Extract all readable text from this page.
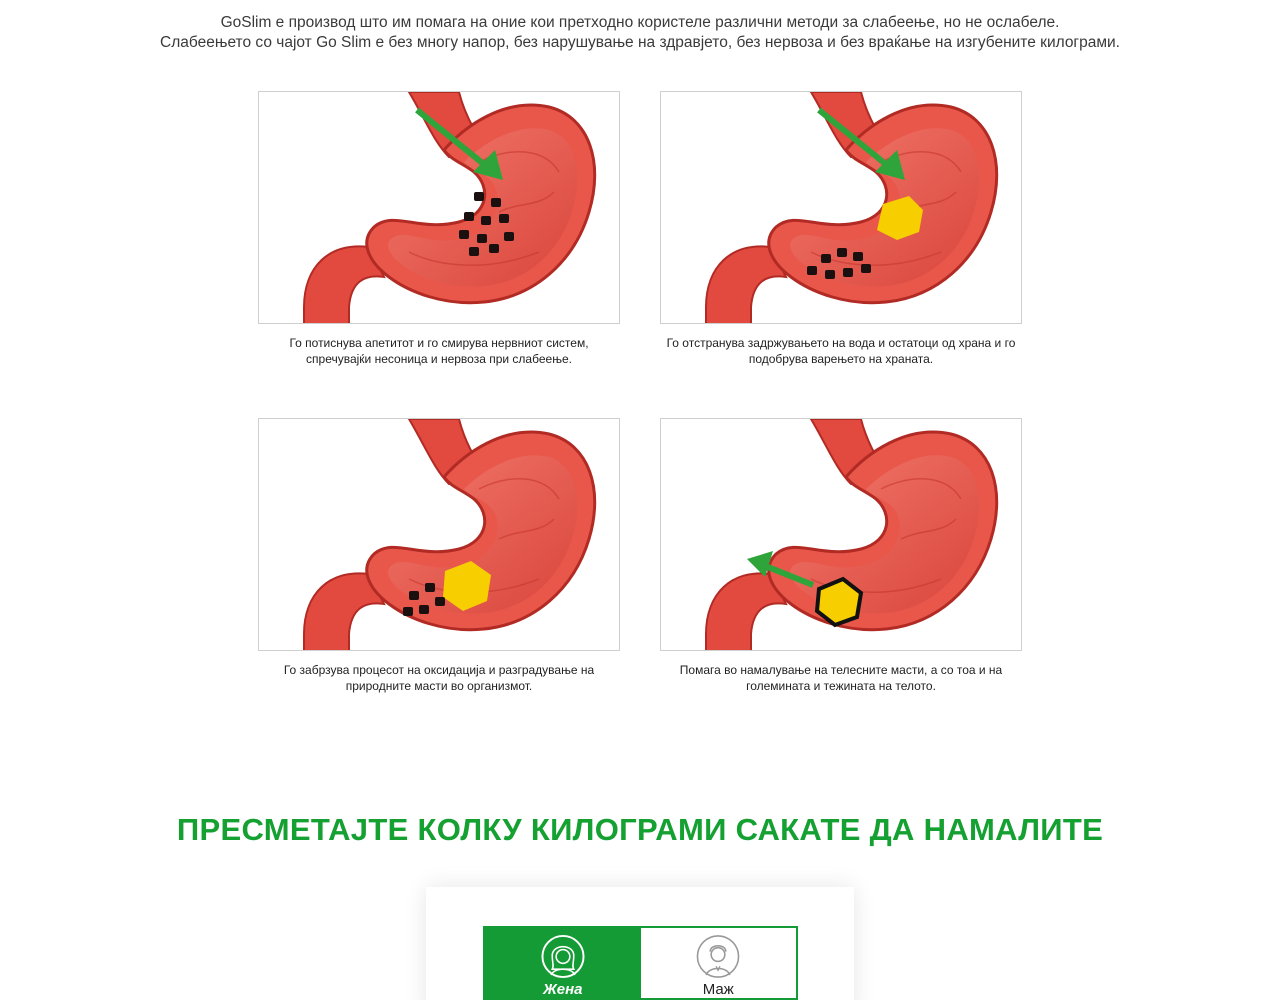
GoSlim е производ што им помага на оние кои претходно користеле различни методи за слабеење, но не ослабеле.

Слабеењето со чајот Go Slim е без многу напор, без нарушување на здравјето, без нервоза и без враќање на изгубените килограми.

Го потиснува апетитот и го смирува нервниот систем, спречувајќи несоница и нервоза при слабеење.

Го отстранува задржувањето на вода и остатоци од храна и го подобрува варењето на храната.

Го забрзува процесот на оксидација и разградување на природните масти во организмот.

Помага во намалување на телесните масти, а со тоа и на големината и тежината на телото.

ПРЕСМЕТАЈТЕ КОЛКУ КИЛОГРАМИ САКАТЕ ДА НАМАЛИТЕ
Жена	Маж
